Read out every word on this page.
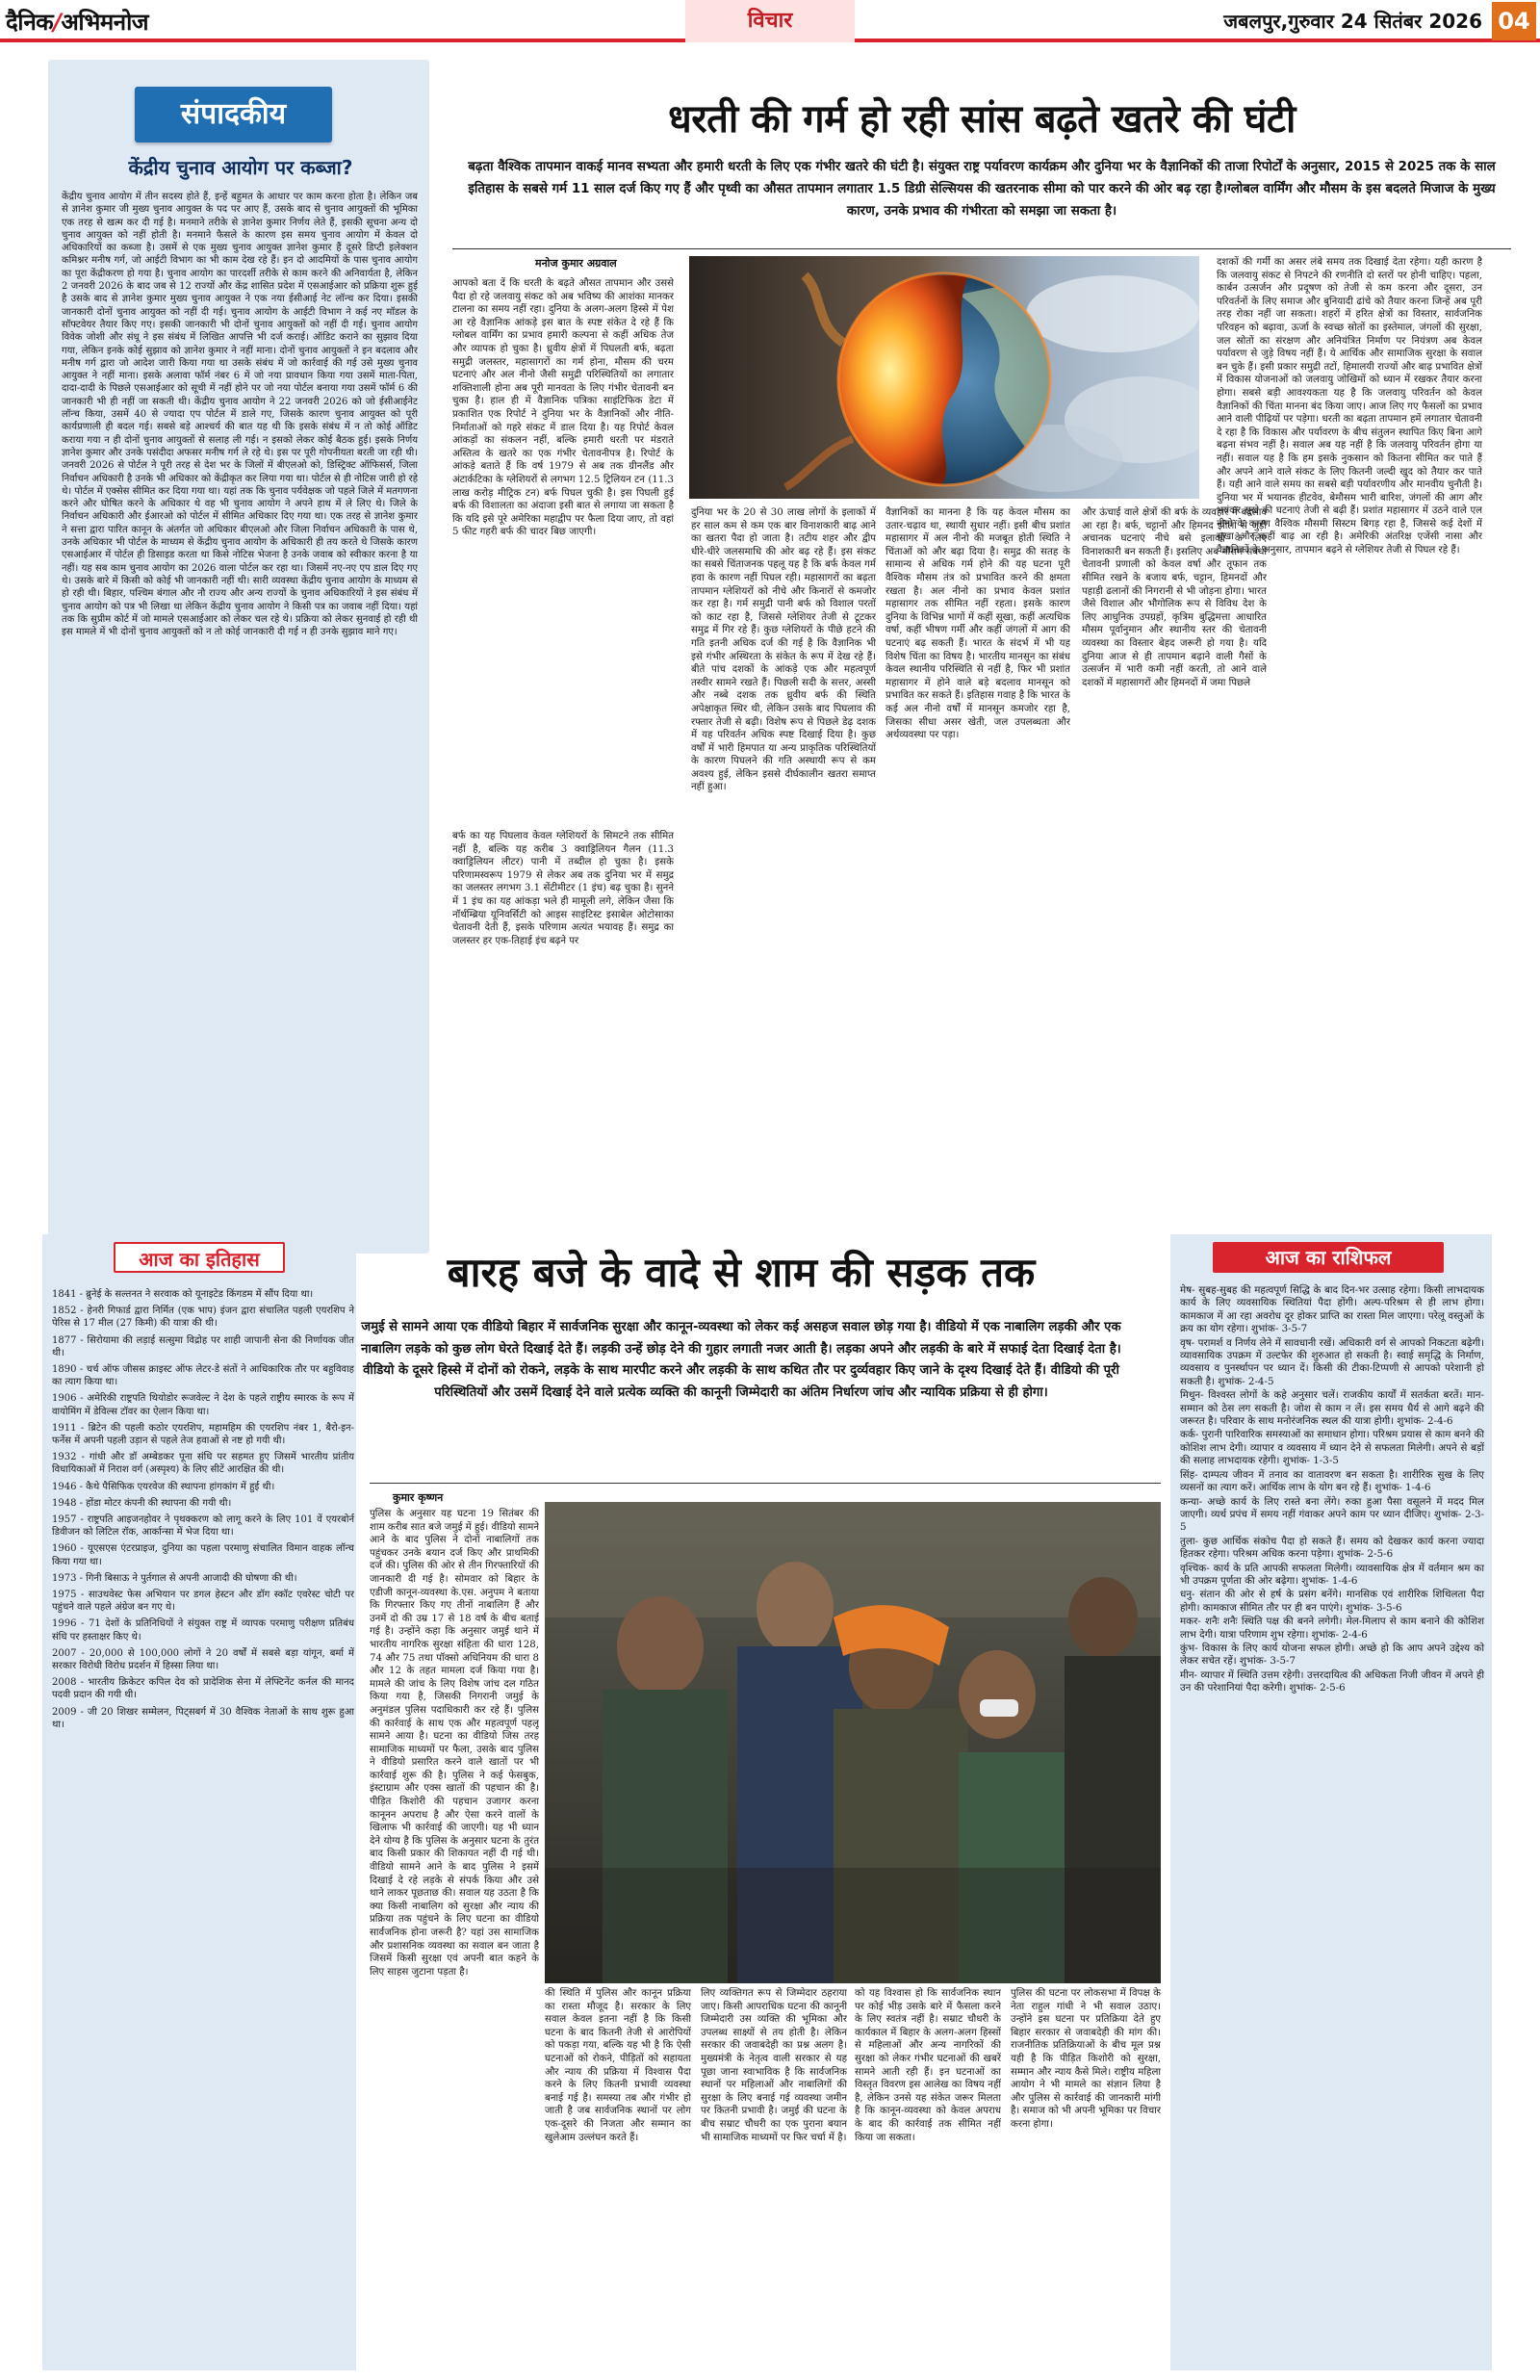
दैनिक/अभिमनोज	विचार	जबलपुर,गुरुवार 24 सितंबर 2026 04
संपादकीय
केंद्रीय चुनाव आयोग पर कब्जा?

केंद्रीय चुनाव आयोग में तीन सदस्य होते हैं, इन्हें बहुमत के आधार पर काम करना होता है। लेकिन जब से ज्ञानेश कुमार जी मुख्य चुनाव आयुक्त के पद पर आए हैं, उसके बाद से चुनाव आयुक्तों की भूमिका एक तरह से खत्म कर दी गई है। मनमाने तरीके से ज्ञानेश कुमार निर्णय लेते हैं, इसकी सूचना अन्य दो चुनाव आयुक्त को नहीं होती है। मनमाने फैसले के कारण इस समय चुनाव आयोग में केवल दो अधिकारियों का कब्जा है। उसमें से एक मुख्य चुनाव आयुक्त ज्ञानेश कुमार हैं दूसरे डिप्टी इलेक्शन कमिश्नर मनीष गर्ग, जो आईटी विभाग का भी काम देख रहे हैं। इन दो आदमियों के पास चुनाव आयोग का पूरा केंद्रीकरण हो गया है। चुनाव आयोग का पारदर्शी तरीके से काम करने की अनिवार्यता है, लेकिन 2 जनवरी 2026 के बाद जब से 12 राज्यों और केंद्र शासित प्रदेश में एसआईआर को प्रक्रिया शुरू हुई है उसके बाद से ज्ञानेश कुमार मुख्य चुनाव आयुक्त ने एक नया ईसीआई नेट लॉन्च कर दिया। इसकी जानकारी दोनों चुनाव आयुक्त को नहीं दी गई। चुनाव आयोग के आईटी विभाग ने कई नए मॉडल के सॉफ्टवेयर तैयार किए गए। इसकी जानकारी भी दोनों चुनाव आयुक्तों को नहीं दी गई। चुनाव आयोग विवेक जोशी और संधू ने इस संबंध में लिखित आपत्ति भी दर्ज कराई। ऑडिट कराने का सुझाव दिया गया, लेकिन इनके कोई सुझाव को ज्ञानेश कुमार ने नहीं माना। दोनों चुनाव आयुक्तों ने इन बदलाव और मनीष गर्ग द्वारा जो आदेश जारी किया गया था उसके संबंध में जो कार्रवाई की गई उसे मुख्य चुनाव आयुक्त ने नहीं माना। इसके अलावा फॉर्म नंबर 6 में जो नया प्रावधान किया गया उसमें माता-पिता, दादा-दादी के पिछले एसआईआर को सूची में नहीं होने पर जो नया पोर्टल बनाया गया उसमें फॉर्म 6 की जानकारी भी ही नहीं जा सकती थी। केंद्रीय चुनाव आयोग ने 22 जनवरी 2026 को जो ईसीआईनेट लॉन्च किया, उसमें 40 से ज्यादा एप पोर्टल में डाले गए, जिसके कारण चुनाव आयुक्त को पूरी कार्यप्रणाली ही बदल गई। सबसे बड़े आश्चर्य की बात यह थी कि इसके संबंध में न तो कोई ऑडिट कराया गया न ही दोनों चुनाव आयुक्तों से सलाह ली गई। न इसको लेकर कोई बैठक हुई। इसके निर्णय ज्ञानेश कुमार और उनके पसंदीदा अफसर मनीष गर्ग ले रहे थे। इस पर पूरी गोपनीयता बरती जा रही थी। जनवरी 2026 से पोर्टल ने पूरी तरह से देश भर के जिलों में बीएलओ को, डिस्ट्रिक्ट ऑफिसर्स, जिला निर्वाचन अधिकारी है उनके भी अधिकार को केंद्रीकृत कर लिया गया था। पोर्टल से ही नोटिस जारी हो रहे थे। पोर्टल में एक्सेस सीमित कर दिया गया था। यहां तक कि चुनाव पर्यवेक्षक जो पहले जिले में मतगणना करने और घोषित करने के अधिकार थे वह भी चुनाव आयोग ने अपने हाथ में ले लिए थे। जिले के निर्वाचन अधिकारी और ईआरओ को पोर्टल में सीमित अधिकार दिए गया था। एक तरह से ज्ञानेश कुमार ने सत्ता द्वारा पारित कानून के अंतर्गत जो अधिकार बीएलओ और जिला निर्वाचन अधिकारी के पास थे, उनके अधिकार भी पोर्टल के माध्यम से केंद्रीय चुनाव आयोग के अधिकारी ही तय करते थे जिसके कारण एसआईआर में पोर्टल ही डिसाइड करता था किसे नोटिस भेजना है उनके जवाब को स्वीकार करना है या नहीं। यह सब काम चुनाव आयोग का 2026 वाला पोर्टल कर रहा था। जिसमें नए-नए एप डाल दिए गए थे। उसके बारे में किसी को कोई भी जानकारी नहीं थी। सारी व्यवस्था केंद्रीय चुनाव आयोग के माध्यम से हो रही थी। बिहार, पश्चिम बंगाल और नौ राज्य और अन्य राज्यों के चुनाव अधिकारियों ने इस संबंध में चुनाव आयोग को पत्र भी लिखा था लेकिन केंद्रीय चुनाव आयोग ने किसी पत्र का जवाब नहीं दिया। यहां तक कि सुप्रीम कोर्ट में जो मामले एसआईआर को लेकर चल रहे थे। प्रक्रिया को लेकर सुनवाई हो रही थी इस मामले में भी दोनों चुनाव आयुक्तों को न तो कोई जानकारी दी गई न ही उनके सुझाव माने गए।

धरती की गर्म हो रही सांस बढ़ते खतरे की घंटी
बढ़ता वैश्विक तापमान वाकई मानव सभ्यता और हमारी धरती के लिए एक गंभीर खतरे की घंटी है। संयुक्त राष्ट्र पर्यावरण कार्यक्रम और दुनिया भर के वैज्ञानिकों की ताजा रिपोर्टों के अनुसार, 2015 से 2025 तक के साल इतिहास के सबसे गर्म 11 साल दर्ज किए गए हैं और पृथ्वी का औसत तापमान लगातार 1.5 डिग्री सेल्सियस की खतरनाक सीमा को पार करने की ओर बढ़ रहा है।ग्लोबल वार्मिंग और मौसम के इस बदलते मिजाज के मुख्य कारण, उनके प्रभाव की गंभीरता को समझा जा सकता है।
मनोज कुमार अग्रवाल

आपको बता दें कि धरती के बढ़ते औसत तापमान और उससे पैदा हो रहे जलवायु संकट को अब भविष्य की आशंका मानकर टालना का समय नहीं रहा। दुनिया के अलग-अलग हिस्से में पेश आ रहे वैज्ञानिक आंकड़े इस बात के स्पष्ट संकेत दे रहे हैं कि ग्लोबल वार्मिंग का प्रभाव हमारी कल्पना से कहीं अधिक तेज और व्यापक हो चुका है। ध्रुवीय क्षेत्रों में पिघलती बर्फ, बढ़ता समुद्री जलस्तर, महासागरों का गर्म होना, मौसम की चरम घटनाएं और अल नीनो जैसी समुद्री परिस्थितियों का लगातार शक्तिशाली होना अब पूरी मानवता के लिए गंभीर चेतावनी बन चुका है। हाल ही में वैज्ञानिक पत्रिका साइंटिफिक डेटा में प्रकाशित एक रिपोर्ट ने दुनिया भर के वैज्ञानिकों और नीति-निर्माताओं को गहरे संकट में डाल दिया है। यह रिपोर्ट केवल आंकड़ों का संकलन नहीं, बल्कि हमारी धरती पर मंडराते अस्तित्व के खतरे का एक गंभीर चेतावनीपत्र है। रिपोर्ट के आंकड़े बताते हैं कि वर्ष 1979 से अब तक ग्रीनलैंड और अंटार्कटिका के ग्लेशियरों से लगभग 12.5 ट्रिलियन टन (11.3 लाख करोड़ मीट्रिक टन) बर्फ पिघल चुकी है। इस पिघली हुई बर्फ की विशालता का अंदाजा इसी बात से लगाया जा सकता है कि यदि इसे पूरे अमेरिका महाद्वीप पर फैला दिया जाए, तो वहां 5 फीट गहरी बर्फ की चादर बिछ जाएगी।

बर्फ का यह पिघलाव केवल ग्लेशियरों के सिमटने तक सीमित नहीं है, बल्कि यह करीब 3 क्वाड्रिलियन गैलन (11.3 क्वाड्रिलियन लीटर) पानी में तब्दील हो चुका है। इसके परिणामस्वरूप 1979 से लेकर अब तक दुनिया भर में समुद्र का जलस्तर लगभग 3.1 सेंटीमीटर (1 इंच) बढ़ चुका है। सुनने में 1 इंच का यह आंकड़ा भले ही मामूली लगे, लेकिन जैसा कि नॉर्थम्ब्रिया यूनिवर्सिटी को आइस साइंटिस्ट इसाबेल ओटोसाका चेतावनी देती हैं, इसके परिणाम अत्यंत भयावह हैं। समुद्र का जलस्तर हर एक-तिहाई इंच बढ़ने पर

दुनिया भर के 20 से 30 लाख लोगों के इलाकों में हर साल कम से कम एक बार विनाशकारी बाढ़ आने का खतरा पैदा हो जाता है। तटीय शहर और द्वीप धीरे-धीरे जलसमाधि की ओर बढ़ रहे हैं। इस संकट का सबसे चिंताजनक पहलू यह है कि बर्फ केवल गर्म हवा के कारण नहीं पिघल रही। महासागरों का बढ़ता तापमान ग्लेशियरों को नीचे और किनारों से कमजोर कर रहा है। गर्म समुद्री पानी बर्फ को विशाल परतों को काट रहा है, जिससे ग्लेशियर तेजी से टूटकर समुद्र में गिर रहे हैं। कुछ ग्लेशियरों के पीछे हटने की गति इतनी अधिक दर्ज की गई है कि वैज्ञानिक भी इसे गंभीर अस्थिरता के संकेत के रूप में देख रहे हैं। बीते पांच दशकों के आंकड़े एक और महत्वपूर्ण तस्वीर सामने रखते हैं। पिछली सदी के सत्तर, अस्सी और नब्बे दशक तक ध्रुवीय बर्फ की स्थिति अपेक्षाकृत स्थिर थी, लेकिन उसके बाद पिघलाव की रफ्तार तेजी से बढ़ी। विशेष रूप से पिछले डेढ़ दशक में यह परिवर्तन अधिक स्पष्ट दिखाई दिया है। कुछ वर्षों में भारी हिमपात या अन्य प्राकृतिक परिस्थितियों के कारण पिघलने की गति अस्थायी रूप से कम अवश्य हुई, लेकिन इससे दीर्घकालीन खतरा समाप्त नहीं हुआ।

वैज्ञानिकों का मानना है कि यह केवल मौसम का उतार-चढ़ाव था, स्थायी सुधार नहीं। इसी बीच प्रशांत महासागर में अल नीनो की मजबूत होती स्थिति ने चिंताओं को और बढ़ा दिया है। समुद्र की सतह के सामान्य से अधिक गर्म होने की यह घटना पूरी वैश्विक मौसम तंत्र को प्रभावित करने की क्षमता रखता है। अल नीनो का प्रभाव केवल प्रशांत महासागर तक सीमित नहीं रहता। इसके कारण दुनिया के विभिन्न भागों में कहीं सूखा, कहीं अत्यधिक वर्षा, कहीं भीषण गर्मी और कहीं जंगलों में आग की घटनाएं बढ़ सकती हैं। भारत के संदर्भ में भी यह विशेष चिंता का विषय है। भारतीय मानसून का संबंध केवल स्थानीय परिस्थिति से नहीं है, फिर भी प्रशांत महासागर में होने वाले बड़े बदलाव मानसून को प्रभावित कर सकते हैं। इतिहास गवाह है कि भारत के कई अल नीनो वर्षों में मानसून कमजोर रहा है, जिसका सीधा असर खेती, जल उपलब्धता और अर्थव्यवस्था पर पड़ा।

और ऊंचाई वाले क्षेत्रों की बर्फ के व्यवहार में बदलाव आ रहा है। बर्फ, चट्टानों और हिमनद झीलों से जुड़ी अचानक घटनाएं नीचे बसे इलाकों के लिए विनाशकारी बन सकती हैं। इसलिए अब मौसम संबंधी चेतावनी प्रणाली को केवल वर्षा और तूफान तक सीमित रखने के बजाय बर्फ, चट्टान, हिमनदों और पहाड़ी ढलानों की निगरानी से भी जोड़ना होगा। भारत जैसे विशाल और भौगोलिक रूप से विविध देश के लिए आधुनिक उपग्रहों, कृत्रिम बुद्धिमत्ता आधारित मौसम पूर्वानुमान और स्थानीय स्तर की चेतावनी व्यवस्था का विस्तार बेहद जरूरी हो गया है। यदि दुनिया आज से ही तापमान बढ़ाने वाली गैसों के उत्सर्जन में भारी कमी नहीं करती, तो आने वाले दशकों में महासागरों और हिमनदों में जमा पिछले

दशकों की गर्मी का असर लंबे समय तक दिखाई देता रहेगा। यही कारण है कि जलवायु संकट से निपटने की रणनीति दो स्तरों पर होनी चाहिए। पहला, कार्बन उत्सर्जन और प्रदूषण को तेजी से कम करना और दूसरा, उन परिवर्तनों के लिए समाज और बुनियादी ढांचे को तैयार करना जिन्हें अब पूरी तरह रोका नहीं जा सकता। शहरों में हरित क्षेत्रों का विस्तार, सार्वजनिक परिवहन को बढ़ावा, ऊर्जा के स्वच्छ स्रोतों का इस्तेमाल, जंगलों की सुरक्षा, जल स्रोतों का संरक्षण और अनियंत्रित निर्माण पर नियंत्रण अब केवल पर्यावरण से जुड़े विषय नहीं हैं। ये आर्थिक और सामाजिक सुरक्षा के सवाल बन चुके हैं। इसी प्रकार समुद्री तटों, हिमालयी राज्यों और बाढ़ प्रभावित क्षेत्रों में विकास योजनाओं को जलवायु जोखिमों को ध्यान में रखकर तैयार करना होगा। सबसे बड़ी आवश्यकता यह है कि जलवायु परिवर्तन को केवल वैज्ञानिकों की चिंता मानना बंद किया जाए। आज लिए गए फैसलों का प्रभाव आने वाली पीढ़ियों पर पड़ेगा। धरती का बढ़ता तापमान हमें लगातार चेतावनी दे रहा है कि विकास और पर्यावरण के बीच संतुलन स्थापित किए बिना आगे बढ़ना संभव नहीं है। सवाल अब यह नहीं है कि जलवायु परिवर्तन होगा या नहीं। सवाल यह है कि हम इसके नुकसान को कितना सीमित कर पाते हैं और अपने आने वाले संकट के लिए कितनी जल्दी खुद को तैयार कर पाते हैं। यही आने वाले समय का सबसे बड़ी पर्यावरणीय और मानवीय चुनौती है। दुनिया भर में भयानक हीटवेव, बेमौसम भारी बारिश, जंगलों की आग और भयंकर सूखे की घटनाएं तेजी से बढ़ी हैं। प्रशांत महासागर में उठने वाले एल नीनो के कारण वैश्विक मौसमी सिस्टम बिगड़ रहा है, जिससे कई देशों में सूखा और कहीं बाढ़ आ रही है। अमेरिकी अंतरिक्ष एजेंसी नासा और वैज्ञानिकों के अनुसार, तापमान बढ़ने से ग्लेशियर तेजी से पिघल रहे हैं।

आज का इतिहास

1841 - ब्रुनेई के सल्तनत ने सरवाक को यूनाइटेड किंगडम में सौंप दिया था।

1852 - हेनरी गिफार्ड द्वारा निर्मित (एक भाप) इंजन द्वारा संचालित पहली एयरशिप ने पेरिस से 17 मील (27 किमी) की यात्रा की थी।

1877 - सिरोयामा की लड़ाई सत्सुमा विद्रोह पर शाही जापानी सेना की निर्णायक जीत थी।

1890 - चर्च ऑफ जीसस क्राइस्ट ऑफ लेटर-डे संतों ने आधिकारिक तौर पर बहुविवाह का त्याग किया था।

1906 - अमेरिकी राष्ट्रपति थियोडोर रूजवेल्ट ने देश के पहले राष्ट्रीय स्मारक के रूप में वायोमिंग में डेविल्स टॉवर का ऐलान किया था।

1911 - ब्रिटेन की पहली कठोर एयरशिप, महामहिम की एयरशिप नंबर 1, बैरो-इन-फर्नेस में अपनी पहली उड़ान से पहले तेज हवाओं से नष्ट हो गयी थी।

1932 - गांधी और डॉ अम्बेडकर पूना संधि पर सहमत हुए जिसमें भारतीय प्रांतीय विधायिकाओं में निराश वर्ग (अस्पृश्य) के लिए सीटें आरक्षित की थी।

1946 - कैथे पैसिफिक एयरवेज की स्थापना हांगकांग में हुई थी।

1948 - होंडा मोटर कंपनी की स्थापना की गयी थी।

1957 - राष्ट्रपति आइजनहोवर ने पृथक्करण को लागू करने के लिए 101 वें एयरबोर्न डिवीजन को लिटिल रॉक, आर्कान्सा में भेज दिया था।

1960 - यूएसएस एंटरप्राइज, दुनिया का पहला परमाणु संचालित विमान वाहक लॉन्च किया गया था।

1973 - गिनी बिसाऊ ने पुर्तगाल से अपनी आजादी की घोषणा की थी।

1975 - साउथवेस्ट फेस अभियान पर डगल हेस्टन और डॉग स्कॉट एवरेस्ट चोटी पर पहुंचने वाले पहले अंग्रेज बन गए थे।

1996 - 71 देशों के प्रतिनिधियों ने संयुक्त राष्ट्र में व्यापक परमाणु परीक्षण प्रतिबंध संधि पर हस्ताक्षर किए थे।

2007 - 20,000 से 100,000 लोगों ने 20 वर्षों में सबसे बड़ा यांगून, बर्मा में सरकार विरोधी विरोध प्रदर्शन में हिस्सा लिया था।

2008 - भारतीय क्रिकेटर कपिल देव को प्रादेशिक सेना में लेफ्टिनेंट कर्नल की मानद पदवी प्रदान की गयी थी।

2009 - जी 20 शिखर सम्मेलन, पिट्सबर्ग में 30 वैश्विक नेताओं के साथ शुरू हुआ था।

बारह बजे के वादे से शाम की सड़क तक
जमुई से सामने आया एक वीडियो बिहार में सार्वजनिक सुरक्षा और कानून-व्यवस्था को लेकर कई असहज सवाल छोड़ गया है। वीडियो में एक नाबालिग लड़की और एक नाबालिग लड़के को कुछ लोग घेरते दिखाई देते हैं। लड़की उन्हें छोड़ देने की गुहार लगाती नजर आती है। लड़का अपने और लड़की के बारे में सफाई देता दिखाई देता है। वीडियो के दूसरे हिस्से में दोनों को रोकने, लड़के के साथ मारपीट करने और लड़की के साथ कथित तौर पर दुर्व्यवहार किए जाने के दृश्य दिखाई देते हैं। वीडियो की पूरी परिस्थितियों और उसमें दिखाई देने वाले प्रत्येक व्यक्ति की कानूनी जिम्मेदारी का अंतिम निर्धारण जांच और न्यायिक प्रक्रिया से ही होगा।
कुमार कृष्णन

पुलिस के अनुसार यह घटना 19 सितंबर की शाम करीब सात बजे जमुई में हुई। वीडियो सामने आने के बाद पुलिस ने दोनों नाबालिगों तक पहुंचकर उनके बयान दर्ज किए और प्राथमिकी दर्ज की। पुलिस की ओर से तीन गिरफ्तारियों की जानकारी दी गई है। सोमवार को बिहार के एडीजी कानून-व्यवस्था के.एस. अनुपम ने बताया कि गिरफ्तार किए गए तीनों नाबालिग हैं और उनमें दो की उम्र 17 से 18 वर्ष के बीच बताई गई है। उन्होंने कहा कि अनुसार जमुई थाने में भारतीय नागरिक सुरक्षा संहिता की धारा 128, 74 और 75 तथा पॉक्सो अधिनियम की धारा 8 और 12 के तहत मामला दर्ज किया गया है। मामले की जांच के लिए विशेष जांच दल गठित किया गया है, जिसकी निगरानी जमुई के अनुमंडल पुलिस पदाधिकारी कर रहे हैं। पुलिस की कार्रवाई के साथ एक और महत्वपूर्ण पहलू सामने आया है। घटना का वीडियो जिस तरह सामाजिक माध्यमों पर फैला, उसके बाद पुलिस ने वीडियो प्रसारित करने वाले खातों पर भी कार्रवाई शुरू की है। पुलिस ने कई फेसबुक, इंस्टाग्राम और एक्स खातों की पहचान की है। पीड़ित किशोरी की पहचान उजागर करना कानूनन अपराध है और ऐसा करने वालों के खिलाफ भी कार्रवाई की जाएगी। यह भी ध्यान देने योग्य है कि पुलिस के अनुसार घटना के तुरंत बाद किसी प्रकार की शिकायत नहीं दी गई थी। वीडियो सामने आने के बाद पुलिस ने इसमें दिखाई दे रहे लड़के से संपर्क किया और उसे थाने लाकर पूछताछ की। सवाल यह उठता है कि क्या किसी नाबालिग को सुरक्षा और न्याय की प्रक्रिया तक पहुंचने के लिए घटना का वीडियो सार्वजनिक होना जरूरी है? यहां उस सामाजिक और प्रशासनिक व्यवस्था का सवाल बन जाता है जिसमें किसी सुरक्षा एवं अपनी बात कहने के लिए साहस जुटाना पड़ता है।

की स्थिति में पुलिस और कानून प्रक्रिया का रास्ता मौजूद है। सरकार के लिए सवाल केवल इतना नहीं है कि किसी घटना के बाद कितनी तेजी से आरोपियों को पकड़ा गया, बल्कि यह भी है कि ऐसी घटनाओं को रोकने, पीड़ितों को सहायता और न्याय की प्रक्रिया में विश्वास पैदा करने के लिए कितनी प्रभावी व्यवस्था बनाई गई है। समस्या तब और गंभीर हो जाती है जब सार्वजनिक स्थानों पर लोग एक-दूसरे की निजता और सम्मान का खुलेआम उल्लंघन करते हैं।

लिए व्यक्तिगत रूप से जिम्मेदार ठहराया जाए। किसी आपराधिक घटना की कानूनी जिम्मेदारी उस व्यक्ति की भूमिका और उपलब्ध साक्ष्यों से तय होती है। लेकिन सरकार की जवाबदेही का प्रश्न अलग है। मुख्यमंत्री के नेतृत्व वाली सरकार से यह पूछा जाना स्वाभाविक है कि सार्वजनिक स्थानों पर महिलाओं और नाबालिगों की सुरक्षा के लिए बनाई गई व्यवस्था जमीन पर कितनी प्रभावी है। जमुई की घटना के बीच सम्राट चौधरी का एक पुराना बयान भी सामाजिक माध्यमों पर फिर चर्चा में है।

को यह विश्वास हो कि सार्वजनिक स्थान पर कोई भीड़ उसके बारे में फैसला करने के लिए स्वतंत्र नहीं है। सम्राट चौधरी के कार्यकाल में बिहार के अलग-अलग हिस्सों से महिलाओं और अन्य नागरिकों की सुरक्षा को लेकर गंभीर घटनाओं की खबरें सामने आती रही हैं। इन घटनाओं का विस्तृत विवरण इस आलेख का विषय नहीं है, लेकिन उनसे यह संकेत जरूर मिलता है कि कानून-व्यवस्था को केवल अपराध के बाद की कार्रवाई तक सीमित नहीं किया जा सकता।

पुलिस की घटना पर लोकसभा में विपक्ष के नेता राहुल गांधी ने भी सवाल उठाए। उन्होंने इस घटना पर प्रतिक्रिया देते हुए बिहार सरकार से जवाबदेही की मांग की। राजनीतिक प्रतिक्रियाओं के बीच मूल प्रश्न यही है कि पीड़ित किशोरी को सुरक्षा, सम्मान और न्याय कैसे मिले। राष्ट्रीय महिला आयोग ने भी मामले का संज्ञान लिया है और पुलिस से कार्रवाई की जानकारी मांगी है। समाज को भी अपनी भूमिका पर विचार करना होगा।

आज का राशिफल

मेष- सुबह-सुबह की महत्वपूर्ण सिद्धि के बाद दिन-भर उत्साह रहेगा। किसी लाभदायक कार्य के लिए व्यवसायिक स्थितियां पैदा होंगी। अल्प-परिश्रम से ही लाभ होगा। कामकाज में आ रहा अवरोध दूर होकर प्राप्ति का रास्ता मिल जाएगा। परेलू वस्तुओं के क्रय का योग रहेगा। शुभांक- 3-5-7

वृष- परामर्श व निर्णय लेने में सावधानी रखें। अधिकारी वर्ग से आपको निकटता बढ़ेगी। व्यावसायिक उपक्रम में उल्टफेर की शुरुआत हो सकती है। स्वाई समृद्धि के निर्माण, व्यवसाय व पुनर्स्थापन पर ध्यान दें। किसी की टीका-टिप्पणी से आपको परेशानी हो सकती है। शुभांक- 2-4-5

मिथुन- विश्वस्त लोगों के कहे अनुसार चलें। राजकीय कार्यों में सतर्कता बरतें। मान-सम्मान को ठेस लग सकती है। जोश से काम न लें। इस समय धैर्य से आगे बढ़ने की जरूरत है। परिवार के साथ मनोरंजनिक स्थल की यात्रा होगी। शुभांक- 2-4-6

कर्क- पुरानी पारिवारिक समस्याओं का समाधान होगा। परिश्रम प्रयास से काम बनने की कोशिश लाभ देगी। व्यापार व व्यवसाय में ध्यान देने से सफलता मिलेगी। अपने से बड़ों की सलाह लाभदायक रहेगी। शुभांक- 1-3-5

सिंह- दाम्पत्य जीवन में तनाव का वातावरण बन सकता है। शारीरिक सुख के लिए व्यसनों का त्याग करें। आर्थिक लाभ के योग बन रहे हैं। शुभांक- 1-4-6

कन्या- अच्छे कार्य के लिए रास्ते बना लेंगे। रुका हुआ पैसा वसूलने में मदद मिल जाएगी। व्यर्थ प्रपंच में समय नहीं गंवाकर अपने काम पर ध्यान दीजिए। शुभांक- 2-3-5

तुला- कुछ आर्थिक संकोच पैदा हो सकते हैं। समय को देखकर कार्य करना ज्यादा हितकर रहेगा। परिश्रम अधिक करना पड़ेगा। शुभांक- 2-5-6

वृश्चिक- कार्य के प्रति आपकी सफलता मिलेगी। व्यावसायिक क्षेत्र में वर्तमान श्रम का भी उपक्रम पूर्णता की ओर बढ़ेगा। शुभांक- 1-4-6

धनु- संतान की ओर से हर्ष के प्रसंग बनेंगे। मानसिक एवं शारीरिक शिथिलता पैदा होगी। कामकाज सीमित तौर पर ही बन पाएंगे। शुभांक- 3-5-6

मकर- शनैः शनैः स्थिति पक्ष की बनने लगेगी। मेल-मिलाप से काम बनाने की कोशिश लाभ देगी। यात्रा परिणाम शुभ रहेगा। शुभांक- 2-4-6

कुंभ- विकास के लिए कार्य योजना सफल होगी। अच्छे हो कि आप अपने उद्देश्य को लेकर सचेत रहें। शुभांक- 3-5-7

मीन- व्यापार में स्थिति उत्तम रहेगी। उत्तरदायित्व की अधिकता निजी जीवन में अपने ही उन की परेशानियां पैदा करेगी। शुभांक- 2-5-6
